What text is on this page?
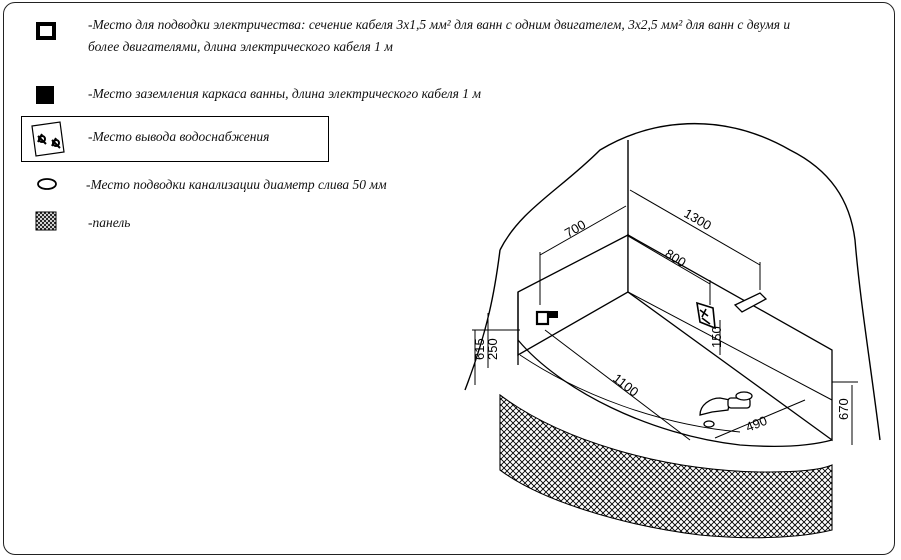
-Место для подводки электричества: сечение кабеля 3х1,5 мм² для ванн с одним двигателем, 3х2,5 мм² для ванн с двумя и
более двигателями, длина электрического кабеля 1 м
-Место заземления каркаса ванны, длина электрического кабеля 1 м
-Место вывода водоснабжения
-Место подводки канализации диаметр слива 50 мм
-панель	1300
700
800
1100
490
615
250
150
670
